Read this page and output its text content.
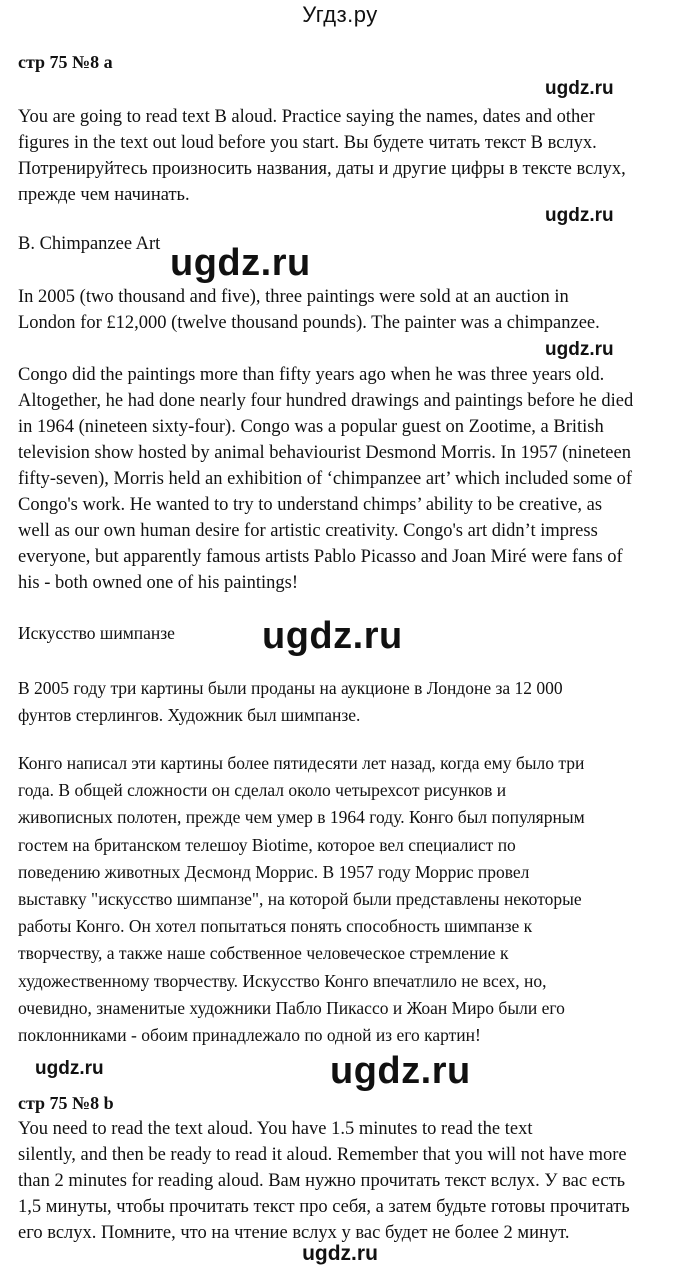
Угдз.ру
стр 75 №8 а
ugdz.ru
You are going to read text B aloud. Practice saying the names, dates and other
figures in the text out loud before you start. Вы будете читать текст В вслух.
Потренируйтесь произносить названия, даты и другие цифры в тексте вслух,
прежде чем начинать.
ugdz.ru
B. Chimpanzee Art ugdz.ru
In 2005 (two thousand and five), three paintings were sold at an auction in
London for £12,000 (twelve thousand pounds). The painter was a chimpanzee.
ugdz.ru
Congo did the paintings more than fifty years ago when he was three years old.
Altogether, he had done nearly four hundred drawings and paintings before he died
in 1964 (nineteen sixty-four). Congo was a popular guest on Zootime, a British
television show hosted by animal behaviourist Desmond Morris. In 1957 (nineteen
fifty-seven), Morris held an exhibition of ‘chimpanzee art’ which included some of
Congo's work. He wanted to try to understand chimps’ ability to be creative, as
well as our own human desire for artistic creativity. Congo's art didn’t impress
everyone, but apparently famous artists Pablo Picasso and Joan Miré were fans of
his - both owned one of his paintings!
Искусство шимпанзе ugdz.ru
В 2005 году три картины были проданы на аукционе в Лондоне за 12 000
фунтов стерлингов. Художник был шимпанзе.
Конго написал эти картины более пятидесяти лет назад, когда ему было три
года. В общей сложности он сделал около четырехсот рисунков и
живописных полотен, прежде чем умер в 1964 году. Конго был популярным
гостем на британском телешоу Biotime, которое вел специалист по
поведению животных Десмонд Моррис. В 1957 году Моррис провел
выставку "искусство шимпанзе", на которой были представлены некоторые
работы Конго. Он хотел попытаться понять способность шимпанзе к
творчеству, а также наше собственное человеческое стремление к
художественному творчеству. Искусство Конго впечатлило не всех, но,
очевидно, знаменитые художники Пабло Пикассо и Жоан Миро были его
поклонниками - обоим принадлежало по одной из его картин!
ugdz.ru	ugdz.ru
стр 75 №8 b
You need to read the text aloud. You have 1.5 minutes to read the text
silently, and then be ready to read it aloud. Remember that you will not have more
than 2 minutes for reading aloud. Вам нужно прочитать текст вслух. У вас есть
1,5 минуты, чтобы прочитать текст про себя, а затем будьте готовы прочитать
его вслух. Помните, что на чтение вслух у вас будет не более 2 минут.
ugdz.ru
